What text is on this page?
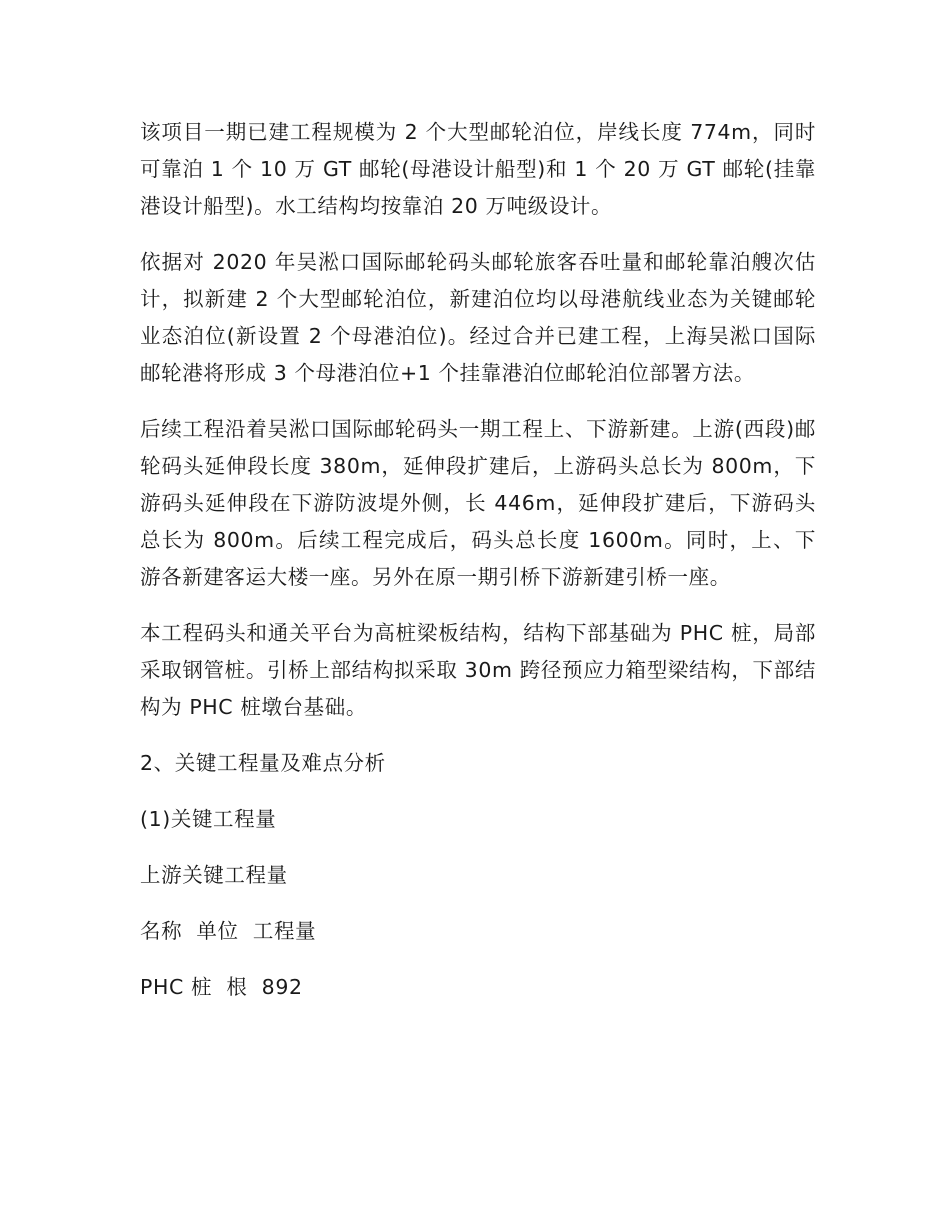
该项目一期已建工程规模为 2 个大型邮轮泊位，岸线长度 774m，同时可靠泊 1 个 10 万 GT 邮轮(母港设计船型)和 1 个 20 万 GT 邮轮(挂靠港设计船型)。水工结构均按靠泊 20 万吨级设计。

依据对 2020 年吴淞口国际邮轮码头邮轮旅客吞吐量和邮轮靠泊艘次估计，拟新建 2 个大型邮轮泊位，新建泊位均以母港航线业态为关键邮轮业态泊位(新设置 2 个母港泊位)。经过合并已建工程，上海吴淞口国际邮轮港将形成 3 个母港泊位+1 个挂靠港泊位邮轮泊位部署方法。

后续工程沿着吴淞口国际邮轮码头一期工程上、下游新建。上游(西段)邮轮码头延伸段长度 380m，延伸段扩建后，上游码头总长为 800m，下游码头延伸段在下游防波堤外侧，长 446m，延伸段扩建后，下游码头总长为 800m。后续工程完成后，码头总长度 1600m。同时，上、下游各新建客运大楼一座。另外在原一期引桥下游新建引桥一座。

本工程码头和通关平台为高桩梁板结构，结构下部基础为 PHC 桩，局部采取钢管桩。引桥上部结构拟采取 30m 跨径预应力箱型梁结构，下部结构为 PHC 桩墩台基础。

2、关键工程量及难点分析

(1)关键工程量

上游关键工程量

名称  单位  工程量

PHC 桩  根  892
